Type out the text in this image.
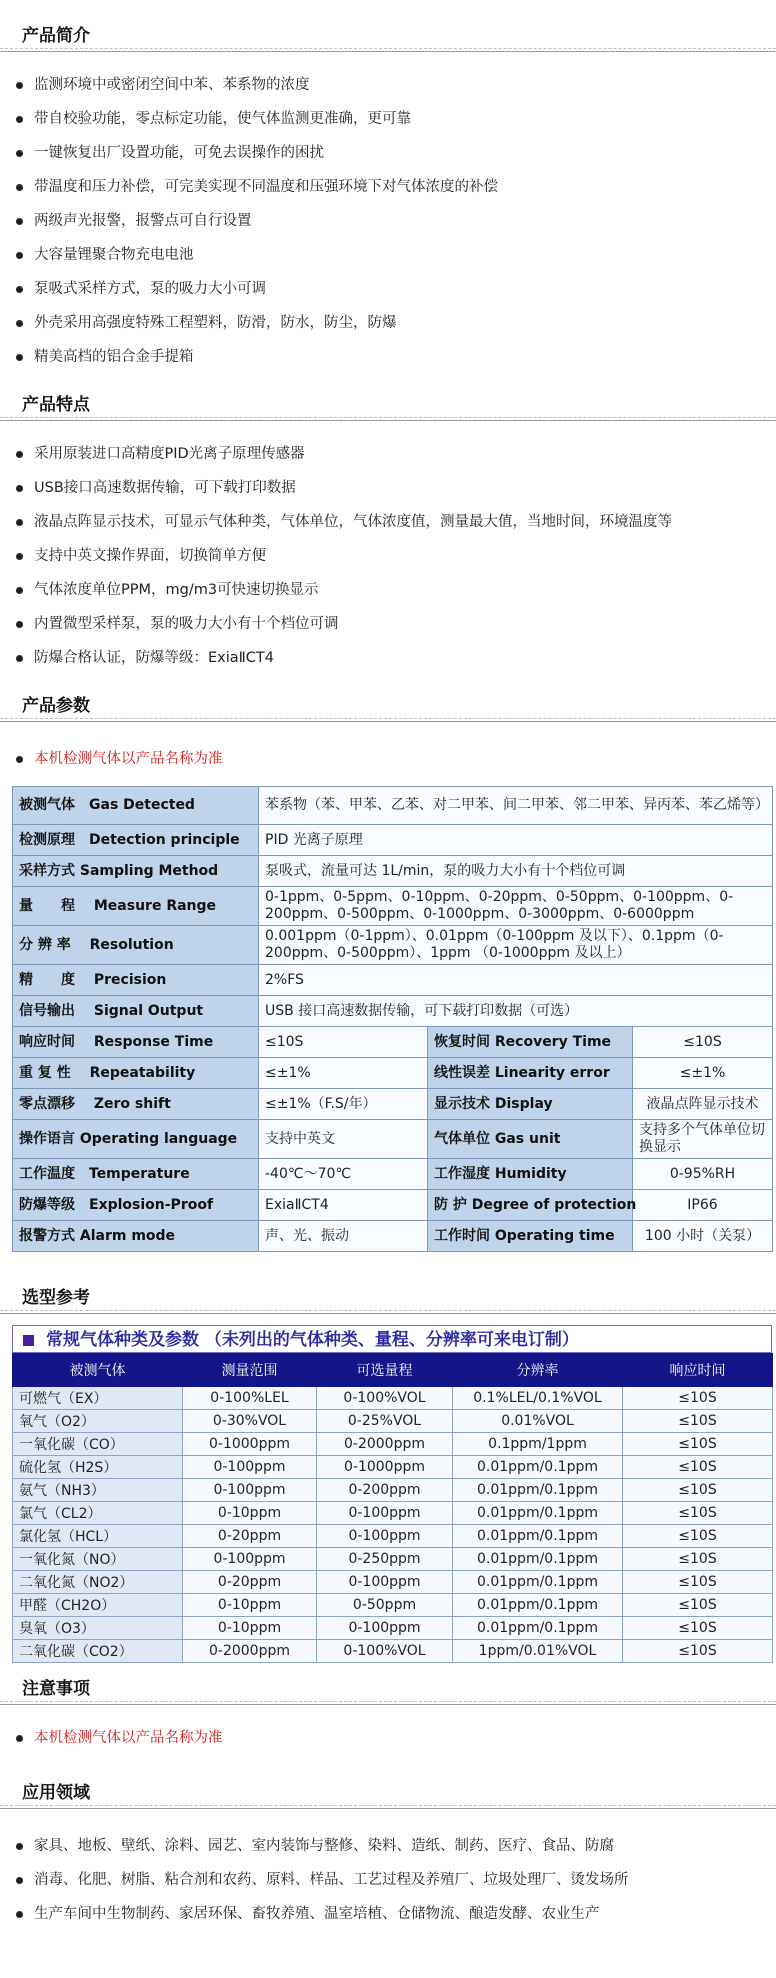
产品简介
监测环境中或密闭空间中苯、苯系物的浓度
带自校验功能，零点标定功能，使气体监测更准确，更可靠
一键恢复出厂设置功能，可免去误操作的困扰
带温度和压力补偿，可完美实现不同温度和压强环境下对气体浓度的补偿
两级声光报警，报警点可自行设置
大容量锂聚合物充电电池
泵吸式采样方式，泵的吸力大小可调
外壳采用高强度特殊工程塑料，防滑，防水，防尘，防爆
精美高档的铝合金手提箱
产品特点
采用原装进口高精度PID光离子原理传感器
USB接口高速数据传输，可下载打印数据
液晶点阵显示技术，可显示气体种类，气体单位，气体浓度值，测量最大值，当地时间，环境温度等
支持中英文操作界面，切换简单方便
气体浓度单位PPM，mg/m3可快速切换显示
内置微型采样泵，泵的吸力大小有十个档位可调
防爆合格认证，防爆等级：ExiaⅡCT4
产品参数
本机检测气体以产品名称为准
被测气体　Gas Detected	苯系物（苯、甲苯、乙苯、对二甲苯、间二甲苯、邻二甲苯、异丙苯、苯乙烯等）		
检测原理　Detection principle	PID 光离子原理		
采样方式 Sampling Method	泵吸式，流量可达 1L/min，泵的吸力大小有十个档位可调		
量　　程　 Measure Range	0-1ppm、0-5ppm、0-10ppm、0-20ppm、0-50ppm、0-100ppm、0-200ppm、0-500ppm、0-1000ppm、0-3000ppm、0-6000ppm		
分 辨 率　 Resolution	0.001ppm（0-1ppm）、0.01ppm（0-100ppm 及以下）、0.1ppm（0-200ppm、0-500ppm）、1ppm （0-1000ppm 及以上）		
精　　度　 Precision	2%FS		
信号输出　 Signal Output	USB 接口高速数据传输，可下载打印数据（可选）		
响应时间　 Response Time	≤10S	恢复时间 Recovery Time	≤10S
重 复 性　 Repeatability	≤±1%	线性误差 Linearity error	≤±1%
零点漂移　 Zero shift	≤±1%（F.S/年）	显示技术 Display	液晶点阵显示技术
操作语言 Operating language	支持中英文	气体单位 Gas unit	支持多个气体单位切换显示
工作温度　Temperature	-40℃～70℃	工作湿度 Humidity	0-95%RH
防爆等级　Explosion-Proof	ExiaⅡCT4	防 护 Degree of protection	IP66
报警方式 Alarm mode	声、光、振动	工作时间 Operating time	100 小时（关泵）
选型参考
常规气体种类及参数 （未列出的气体种类、量程、分辨率可来电订制）
被测气体	测量范围	可选量程	分辨率	响应时间
可燃气（EX）	0-100%LEL	0-100%VOL	0.1%LEL/0.1%VOL	≤10S
氧气（O2）	0-30%VOL	0-25%VOL	0.01%VOL	≤10S
一氧化碳（CO）	0-1000ppm	0-2000ppm	0.1ppm/1ppm	≤10S
硫化氢（H2S）	0-100ppm	0-1000ppm	0.01ppm/0.1ppm	≤10S
氨气（NH3）	0-100ppm	0-200ppm	0.01ppm/0.1ppm	≤10S
氯气（CL2）	0-10ppm	0-100ppm	0.01ppm/0.1ppm	≤10S
氯化氢（HCL）	0-20ppm	0-100ppm	0.01ppm/0.1ppm	≤10S
一氧化氮（NO）	0-100ppm	0-250ppm	0.01ppm/0.1ppm	≤10S
二氧化氮（NO2）	0-20ppm	0-100ppm	0.01ppm/0.1ppm	≤10S
甲醛（CH2O）	0-10ppm	0-50ppm	0.01ppm/0.1ppm	≤10S
臭氧（O3）	0-10ppm	0-100ppm	0.01ppm/0.1ppm	≤10S
二氧化碳（CO2）	0-2000ppm	0-100%VOL	1ppm/0.01%VOL	≤10S
注意事项
本机检测气体以产品名称为准
应用领域
家具、地板、壁纸、涂料、园艺、室内装饰与整修、染料、造纸、制药、医疗、食品、防腐
消毒、化肥、树脂、粘合剂和农药、原料、样品、工艺过程及养殖厂、垃圾处理厂、烫发场所
生产车间中生物制药、家居环保、畜牧养殖、温室培植、仓储物流、酿造发酵、农业生产
